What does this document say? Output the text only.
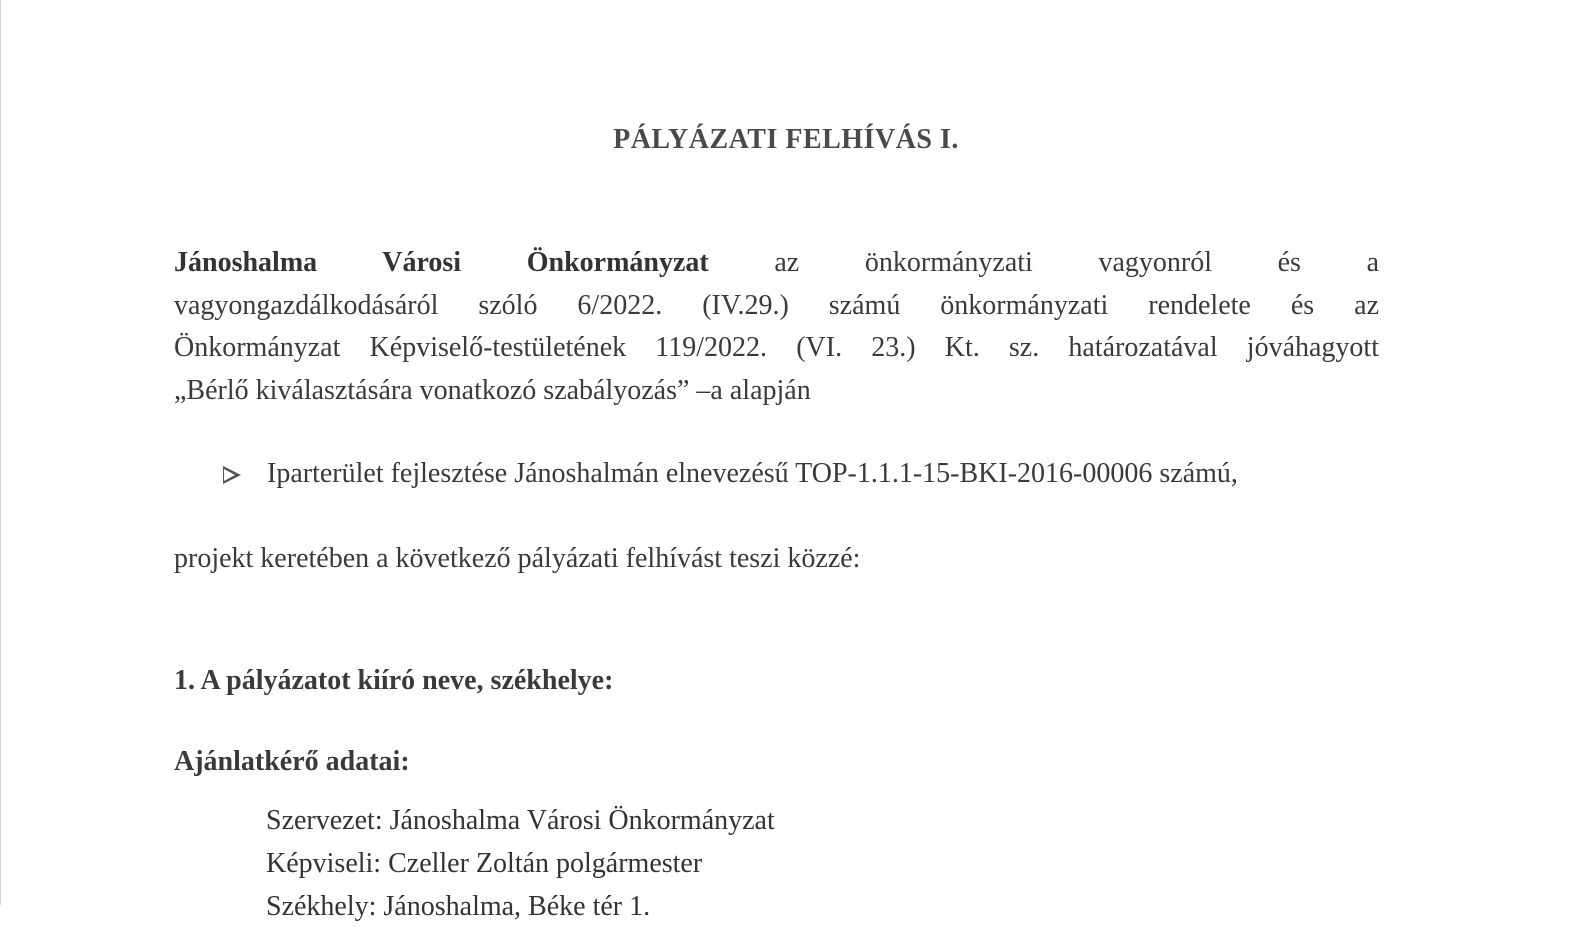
PÁLYÁZATI FELHÍVÁS I.
Jánoshalma Városi Önkormányzat az önkormányzati vagyonról és a
vagyongazdálkodásáról szóló 6/2022. (IV.29.) számú önkormányzati rendelete és az
Önkormányzat Képviselő-testületének 119/2022. (VI. 23.) Kt. sz. határozatával jóváhagyott
„Bérlő kiválasztására vonatkozó szabályozás” –a alapján
Iparterület fejlesztése Jánoshalmán elnevezésű TOP-1.1.1-15-BKI-2016-00006 számú,
projekt keretében a következő pályázati felhívást teszi közzé:
1. A pályázatot kiíró neve, székhelye:
Ajánlatkérő adatai:
Szervezet: Jánoshalma Városi Önkormányzat
Képviseli: Czeller Zoltán polgármester
Székhely: Jánoshalma, Béke tér 1.
